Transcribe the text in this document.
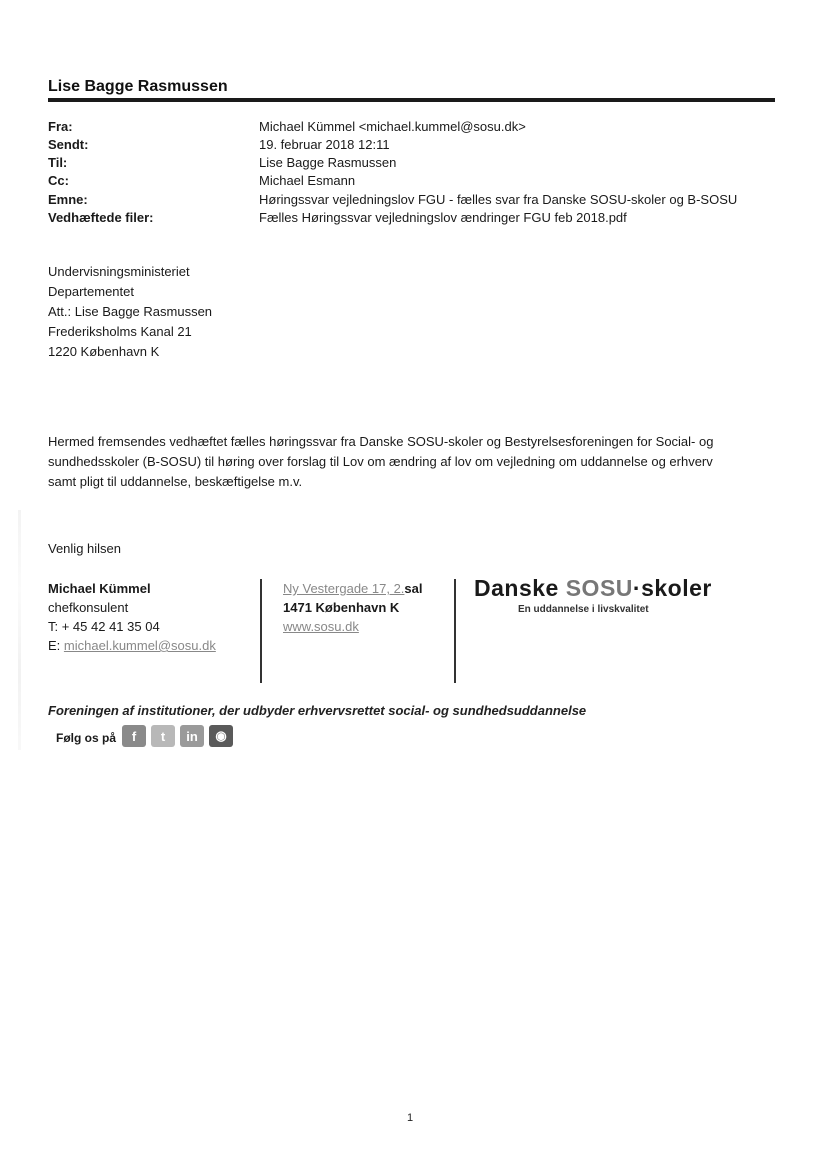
Lise Bagge Rasmussen
Fra:	Michael Kümmel <michael.kummel@sosu.dk>
Sendt:	19. februar 2018 12:11
Til:	Lise Bagge Rasmussen
Cc:	Michael Esmann
Emne:	Høringssvar vejledningslov FGU - fælles svar fra Danske SOSU-skoler og B-SOSU
Vedhæftede filer:	Fælles Høringssvar vejledningslov ændringer FGU feb 2018.pdf
Undervisningsministeriet
Departementet
Att.: Lise Bagge Rasmussen
Frederiksholms Kanal 21
1220 København K
Hermed fremsendes vedhæftet fælles høringssvar fra Danske SOSU-skoler og Bestyrelsesforeningen for Social- og
sundhedsskoler (B-SOSU) til høring over forslag til Lov om ændring af lov om vejledning om uddannelse og erhverv
samt pligt til uddannelse, beskæftigelse m.v.
Venlig hilsen
Michael Kümmel
chefkonsulent
T: + 45 42 41 35 04
E: michael.kummel@sosu.dk
Ny Vestergade 17, 2.sal
1471 København K
www.sosu.dk
Danske SOSU·skoler
En uddannelse i livskvalitet
Foreningen af institutioner, der udbyder erhvervsrettet social- og sundhedsuddannelse
Følg os på	f	t	in	◉
1
